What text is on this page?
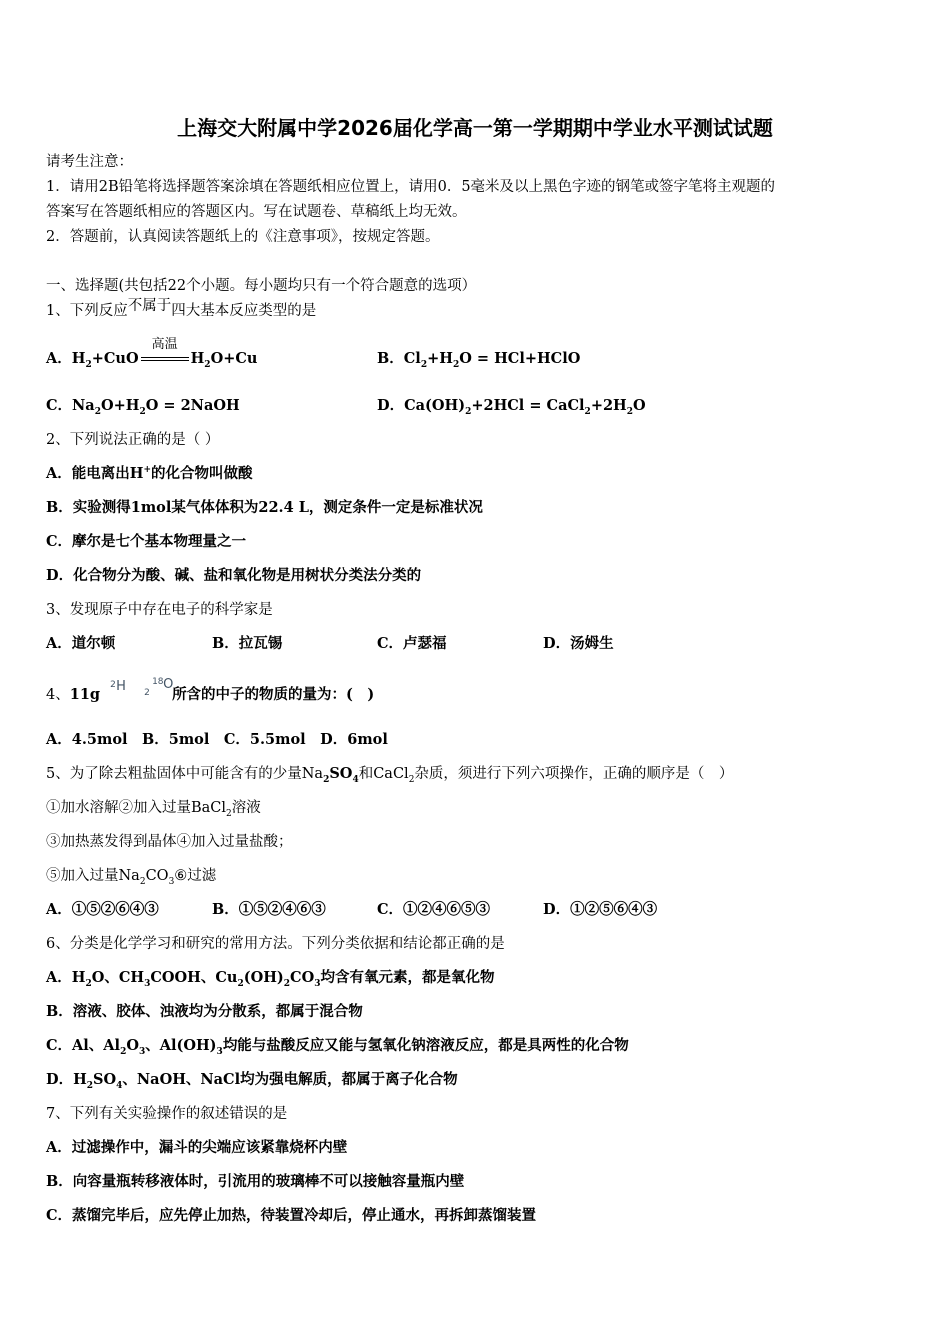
上海交大附属中学2026届化学高一第一学期期中学业水平测试试题
请考生注意：
1．请用2B铅笔将选择题答案涂填在答题纸相应位置上，请用0．5毫米及以上黑色字迹的钢笔或签字笔将主观题的
答案写在答题纸相应的答题区内。写在试题卷、草稿纸上均无效。
2．答题前，认真阅读答题纸上的《注意事项》，按规定答题。
一、选择题(共包括22个小题。每小题均只有一个符合题意的选项）
1、下列反应不属于四大基本反应类型的是
A．$H_2+CuO$
高温
$H_2O+Cu$	B．$Cl_2+H_2O$ = HCl+HClO
C．$Na_2O+H_2O$ = 2NaOH	D．$Ca(OH)_2+2HCl$ = $CaCl_2+2H_2O$
2、下列说法正确的是（ ）
A．能电离出H+的化合物叫做酸
B．实验测得1mol某气体体积为22.4 L，测定条件一定是标准状况
C．摩尔是七个基本物理量之一
D．化合物分为酸、碱、盐和氧化物是用树状分类法分类的
3、发现原子中存在电子的科学家是
A．道尔顿	B．拉瓦锡	C．卢瑟福	D．汤姆生
4、11g
2 H 2
18 O
所含的中子的物质的量为：(　)
A．4.5mol　B．5mol　C．5.5mol　D．6mol
5、为了除去粗盐固体中可能含有的少量$Na_2SO_4$和CaCl$_2$杂质，须进行下列六项操作，正确的顺序是（　）
①加水溶解②加入过量BaCl$_2$溶液
③加热蒸发得到晶体④加入过量盐酸；
⑤加入过量$Na_2CO_3⑥$过滤
A．①⑤②⑥④③	B．①⑤②④⑥③	C．①②④⑥⑤③	D．①②⑤⑥④③
6、分类是化学学习和研究的常用方法。下列分类依据和结论都正确的是
A．$H_2O$、$CH_3COOH$、$Cu_2(OH)_2CO_3$均含有氧元素，都是氧化物
B．溶液、胶体、浊液均为分散系，都属于混合物
C．Al、$Al_2O_3$、$Al(OH)_3$均能与盐酸反应又能与氢氧化钠溶液反应，都是具两性的化合物
D．$H_2SO_4$、NaOH、NaCl均为强电解质，都属于离子化合物
7、下列有关实验操作的叙述错误的是
A．过滤操作中，漏斗的尖端应该紧靠烧杯内壁
B．向容量瓶转移液体时，引流用的玻璃棒不可以接触容量瓶内壁
C．蒸馏完毕后，应先停止加热，待装置冷却后，停止通水，再拆卸蒸馏装置
